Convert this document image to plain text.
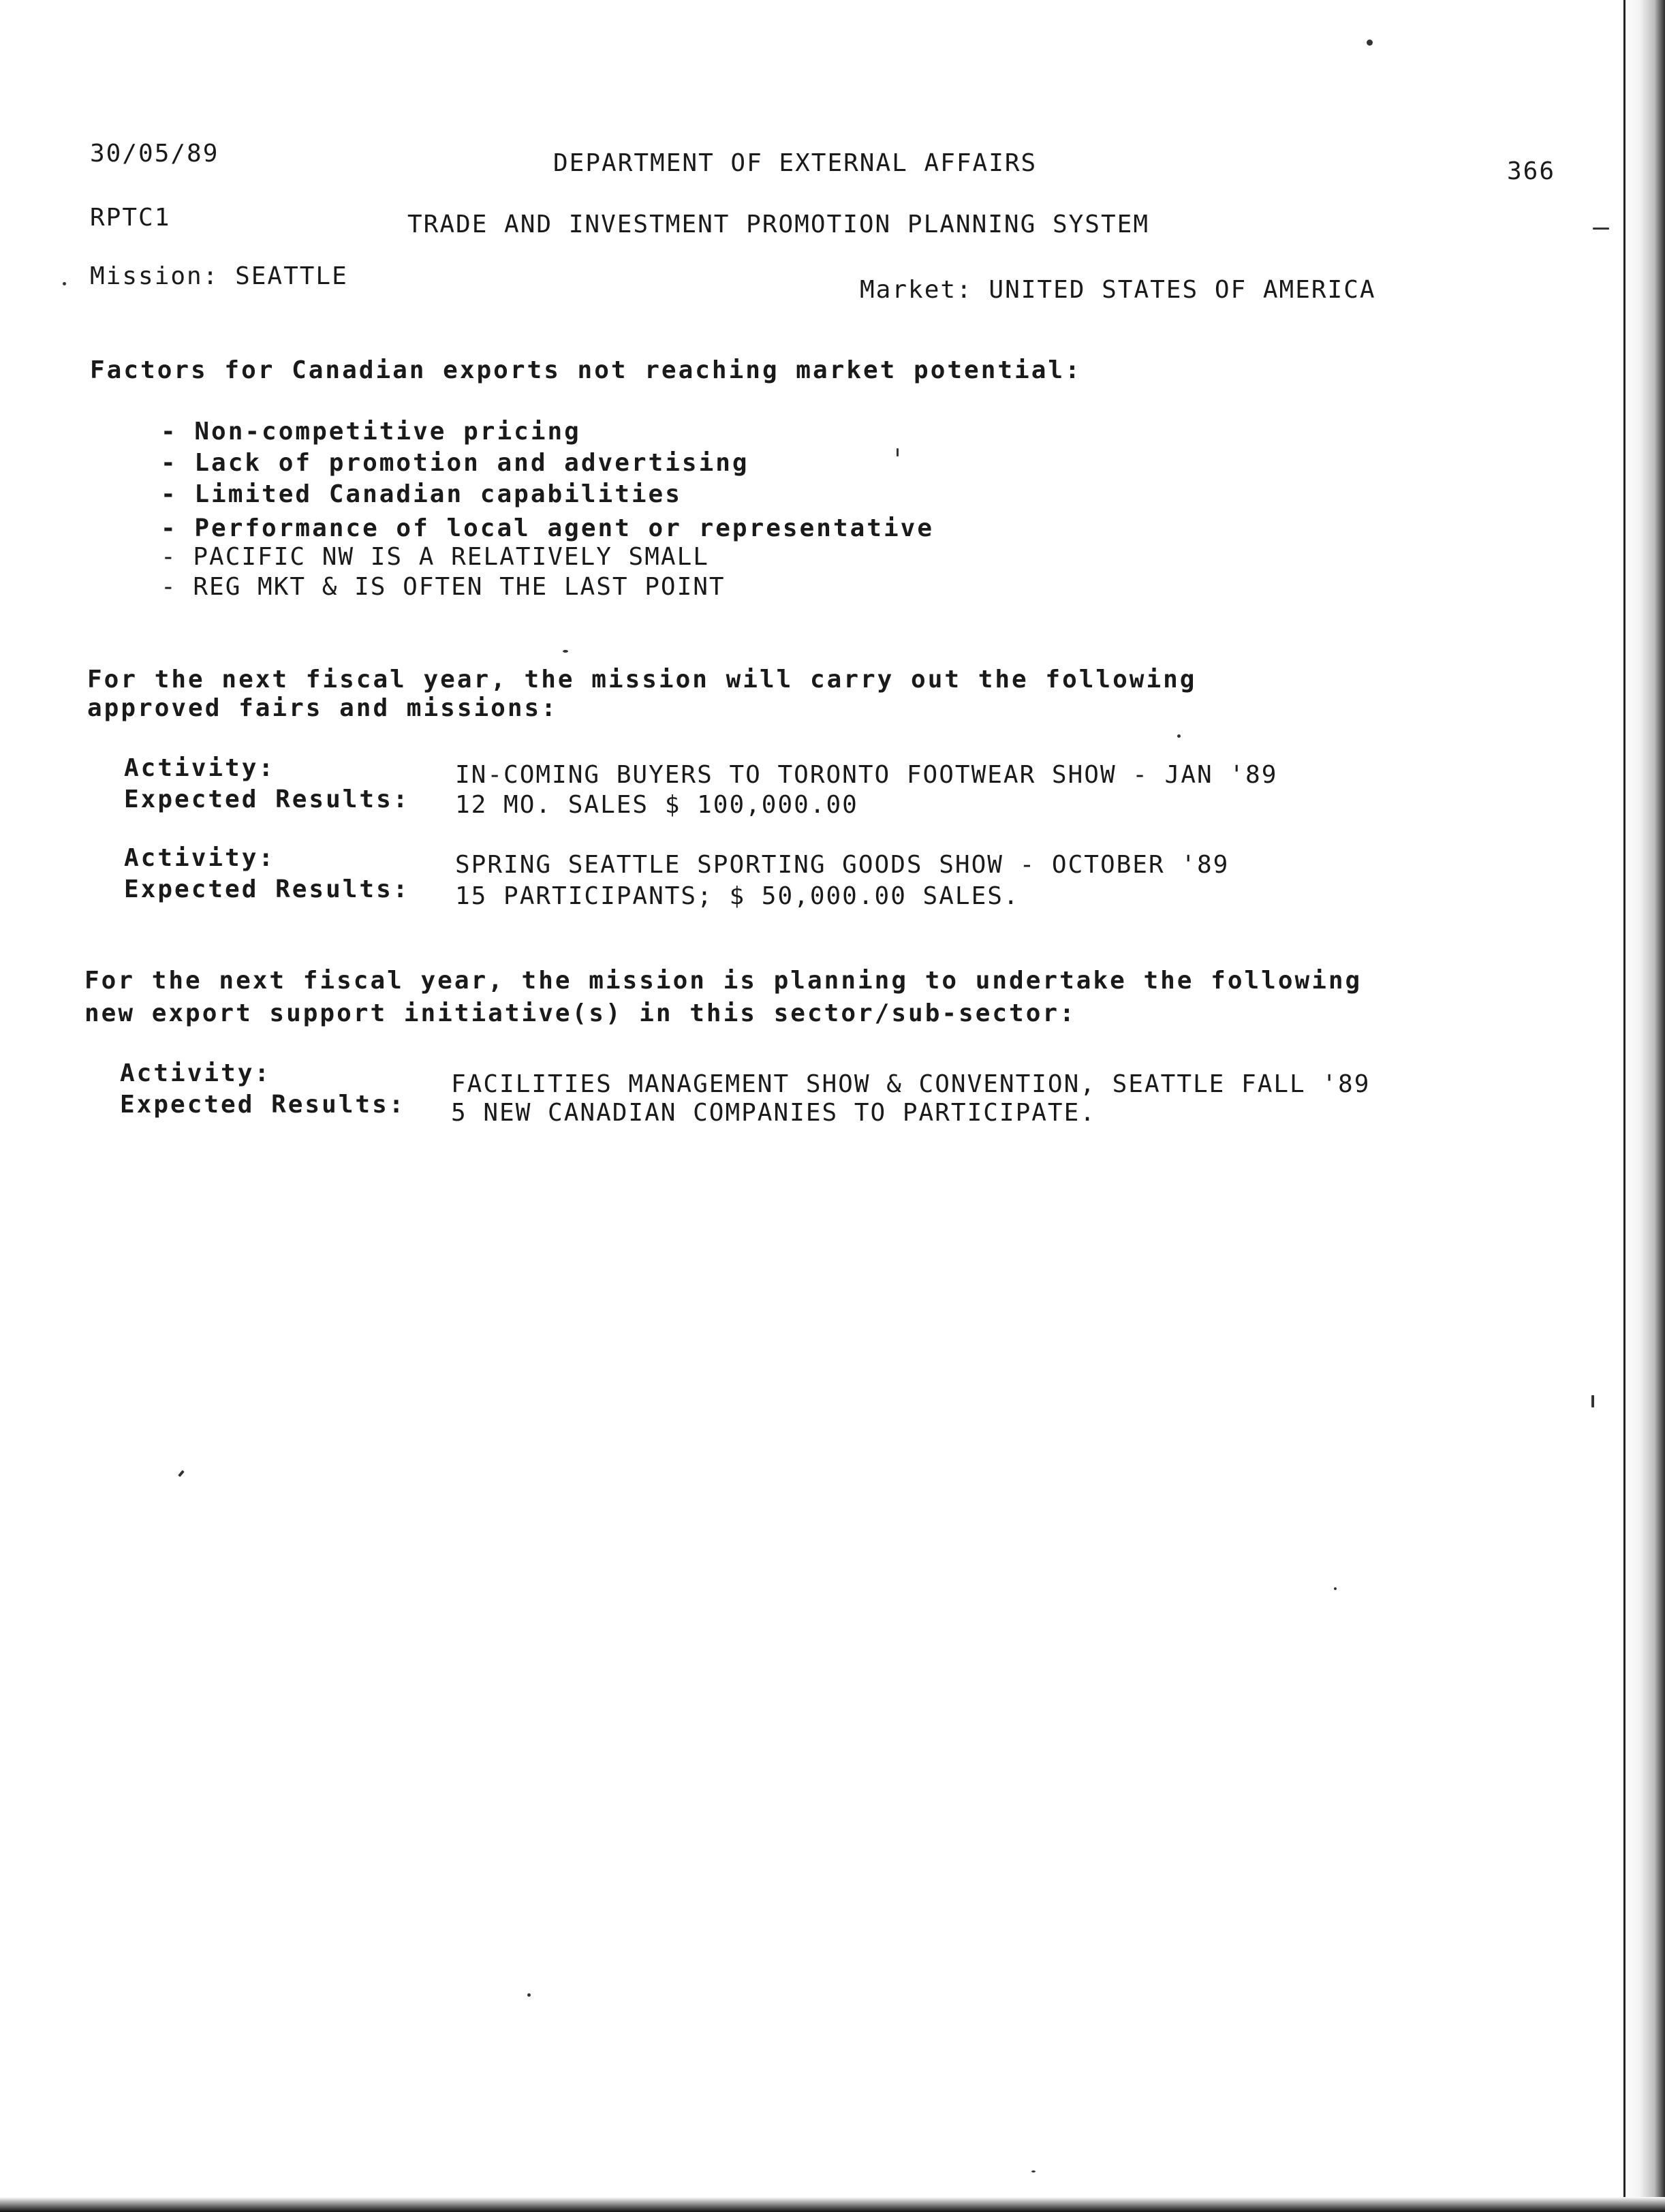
30/05/89	DEPARTMENT OF EXTERNAL AFFAIRS	366
RPTC1	TRADE AND INVESTMENT PROMOTION PLANNING SYSTEM
Mission: SEATTLE	Market: UNITED STATES OF AMERICA
Factors for Canadian exports not reaching market potential:
- Non-competitive pricing
- Lack of promotion and advertising
- Limited Canadian capabilities
- Performance of local agent or representative
- PACIFIC NW IS A RELATIVELY SMALL
- REG MKT & IS OFTEN THE LAST POINT
For the next fiscal year, the mission will carry out the following
approved fairs and missions:
Activity:	IN-COMING BUYERS TO TORONTO FOOTWEAR SHOW - JAN '89
Expected Results: 12 MO. SALES $ 100,000.00
Activity:	SPRING SEATTLE SPORTING GOODS SHOW - OCTOBER '89
Expected Results: 15 PARTICIPANTS; $ 50,000.00 SALES.
For the next fiscal year, the mission is planning to undertake the following
new export support initiative(s) in this sector/sub-sector:
Activity:	FACILITIES MANAGEMENT SHOW & CONVENTION, SEATTLE FALL '89
Expected Results: 5 NEW CANADIAN COMPANIES TO PARTICIPATE.
